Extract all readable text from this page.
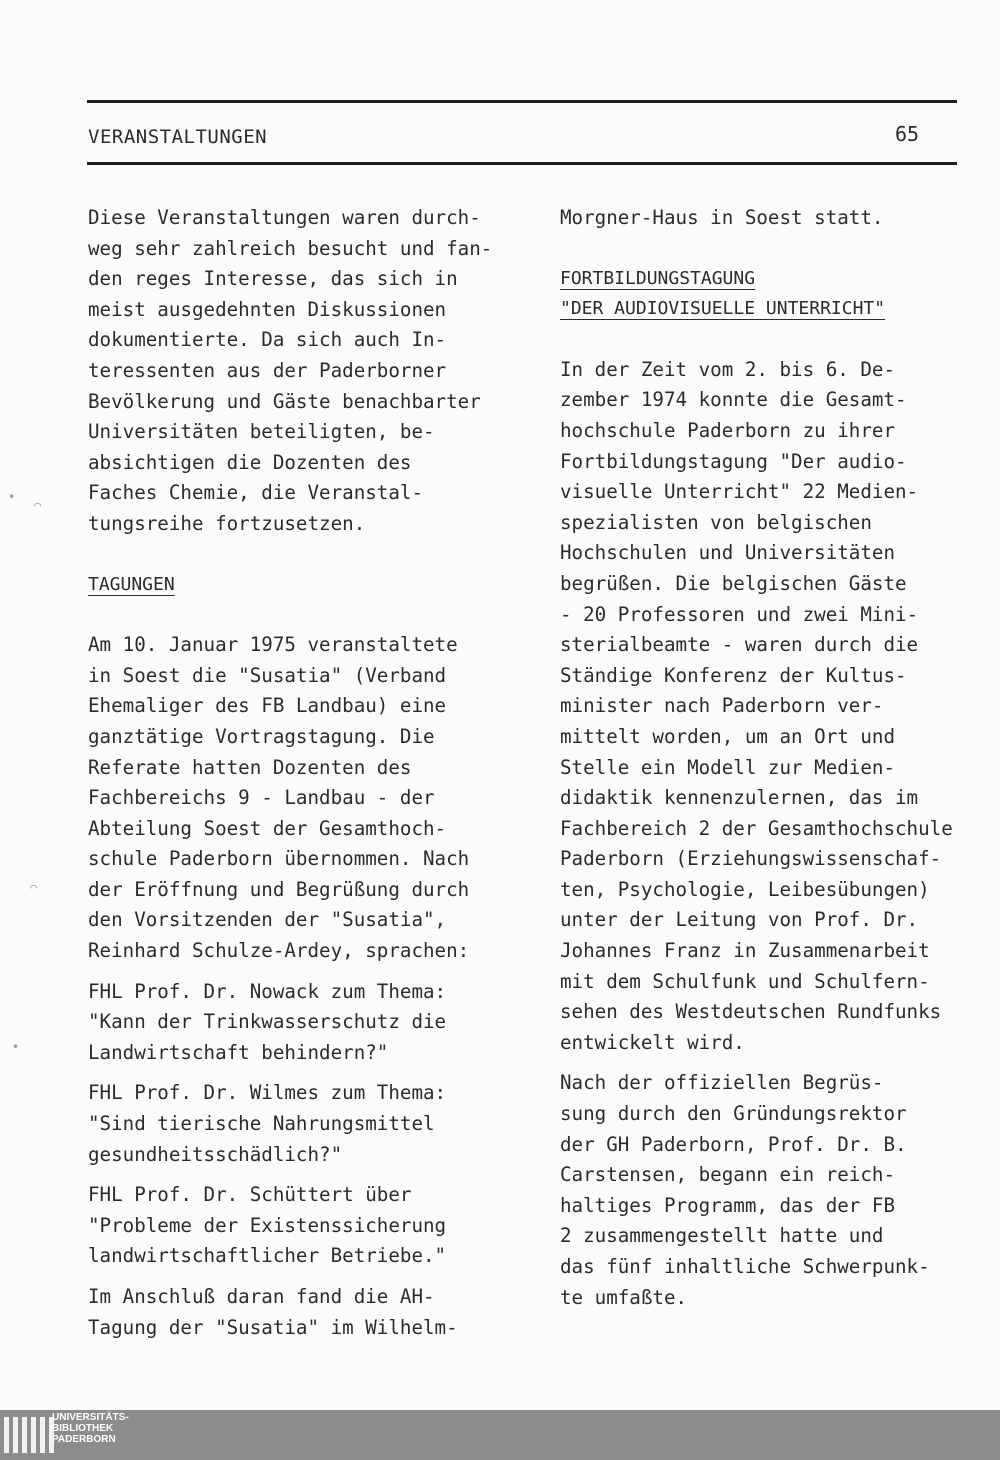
VERANSTALTUNGEN	65
⌒
⌒
•
•
Diese Veranstaltungen waren durch-
weg sehr zahlreich besucht und fan-
den reges Interesse, das sich in
meist ausgedehnten Diskussionen
dokumentierte. Da sich auch In-
teressenten aus der Paderborner
Bevölkerung und Gäste benachbarter
Universitäten beteiligten, be-
absichtigen die Dozenten des
Faches Chemie, die Veranstal-
tungsreihe fortzusetzen.
TAGUNGEN
Am 10. Januar 1975 veranstaltete
in Soest die "Susatia" (Verband
Ehemaliger des FB Landbau) eine
ganztätige Vortragstagung. Die
Referate hatten Dozenten des
Fachbereichs 9 - Landbau - der
Abteilung Soest der Gesamthoch-
schule Paderborn übernommen. Nach
der Eröffnung und Begrüßung durch
den Vorsitzenden der "Susatia",
Reinhard Schulze-Ardey, sprachen:
FHL Prof. Dr. Nowack zum Thema:
"Kann der Trinkwasserschutz die
Landwirtschaft behindern?"
FHL Prof. Dr. Wilmes zum Thema:
"Sind tierische Nahrungsmittel
gesundheitsschädlich?"
FHL Prof. Dr. Schüttert über
"Probleme der Existenssicherung
landwirtschaftlicher Betriebe."
Im Anschluß daran fand die AH-
Tagung der "Susatia" im Wilhelm-
Morgner-Haus in Soest statt.
FORTBILDUNGSTAGUNG
"DER AUDIOVISUELLE UNTERRICHT"
In der Zeit vom 2. bis 6. De-
zember 1974 konnte die Gesamt-
hochschule Paderborn zu ihrer
Fortbildungstagung "Der audio-
visuelle Unterricht" 22 Medien-
spezialisten von belgischen
Hochschulen und Universitäten
begrüßen. Die belgischen Gäste
- 20 Professoren und zwei Mini-
sterialbeamte - waren durch die
Ständige Konferenz der Kultus-
minister nach Paderborn ver-
mittelt worden, um an Ort und
Stelle ein Modell zur Medien-
didaktik kennenzulernen, das im
Fachbereich 2 der Gesamthochschule
Paderborn (Erziehungswissenschaf-
ten, Psychologie, Leibesübungen)
unter der Leitung von Prof. Dr.
Johannes Franz in Zusammenarbeit
mit dem Schulfunk und Schulfern-
sehen des Westdeutschen Rundfunks
entwickelt wird.
Nach der offiziellen Begrüs-
sung durch den Gründungsrektor
der GH Paderborn, Prof. Dr. B.
Carstensen, begann ein reich-
haltiges Programm, das der FB
2 zusammengestellt hatte und
das fünf inhaltliche Schwerpunk-
te umfaßte.
UNIVERSITÄTS-
BIBLIOTHEK
PADERBORN
